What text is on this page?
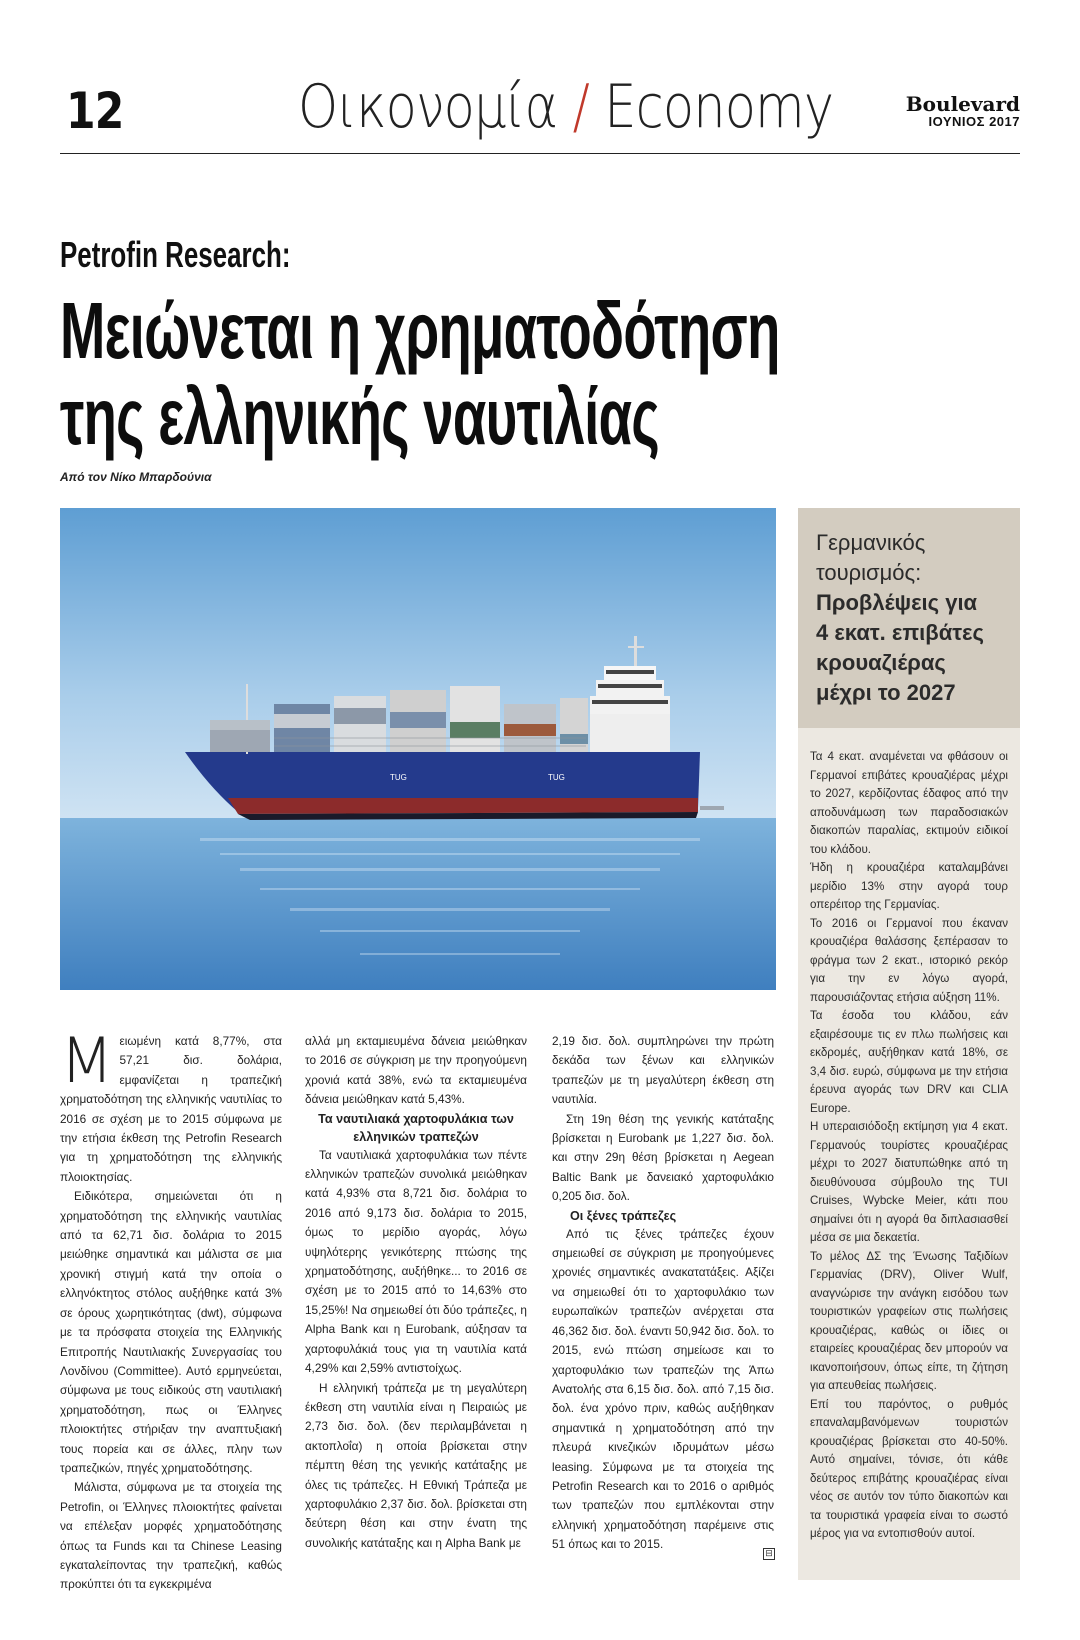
12	Οικονομία / Economy	Boulevard
ΙΟΥΝΙΟΣ 2017
Petrofin Research:
Μειώνεται η χρηματοδότηση
της ελληνικής ναυτιλίας
Από τον Νίκο Μπαρδούνια
TUG	TUG
Γερμανικός
τουρισμός:
Προβλέψεις για
4 εκατ. επιβάτες
κρουαζιέρας
μέχρι το 2027

Τα 4 εκατ. αναμένεται να φθάσουν οι Γερμανοί επιβάτες κρουαζιέρας μέχρι το 2027, κερδίζοντας έδαφος από την αποδυνάμωση των παραδοσιακών διακοπών παραλίας, εκτιμούν ειδικοί του κλάδου.

Ήδη η κρουαζιέρα καταλαμβάνει μερίδιο 13% στην αγορά τουρ οπερέιτορ της Γερμανίας.

Το 2016 οι Γερμανοί που έκαναν κρουαζιέρα θαλάσσης ξεπέρασαν το φράγμα των 2 εκατ., ιστορικό ρεκόρ για την εν λόγω αγορά, παρουσιάζοντας ετήσια αύξηση 11%.

Τα έσοδα του κλάδου, εάν εξαιρέσουμε τις εν πλω πωλήσεις και εκδρομές, αυξήθηκαν κατά 18%, σε 3,4 δισ. ευρώ, σύμφωνα με την ετήσια έρευνα αγοράς των DRV και CLIA Europe.

Η υπεραισιόδοξη εκτίμηση για 4 εκατ. Γερμανούς τουρίστες κρουαζιέρας μέχρι το 2027 διατυπώθηκε από τη διευθύνουσα σύμβουλο της TUI Cruises, Wybcke Meier, κάτι που σημαίνει ότι η αγορά θα διπλασιασθεί μέσα σε μια δεκαετία.

Το μέλος ΔΣ της Ένωσης Ταξιδίων Γερμανίας (DRV), Oliver Wulf, αναγνώρισε την ανάγκη εισόδου των τουριστικών γραφείων στις πωλήσεις κρουαζιέρας, καθώς οι ίδιες οι εταιρείες κρουαζιέρας δεν μπορούν να ικανοποιήσουν, όπως είπε, τη ζήτηση για απευθείας πωλήσεις.

Επί του παρόντος, ο ρυθμός επαναλαμβανόμενων τουριστών κρουαζιέρας βρίσκεται στο 40-50%. Αυτό σημαίνει, τόνισε, ότι κάθε δεύτερος επιβάτης κρουαζιέρας είναι νέος σε αυτόν τον τύπο διακοπών και τα τουριστικά γραφεία είναι το σωστό μέρος για να εντοπισθούν αυτοί.

Μ ειωμένη κατά 8,77%, στα 57,21 δισ. δολάρια, εμφανίζεται η τραπεζική χρηματοδότηση της ελληνικής ναυτιλίας το 2016 σε σχέση με το 2015 σύμφωνα με την ετήσια έκθεση της Petrofin Research για τη χρηματοδότηση της ελληνικής πλοιοκτησίας.

Ειδικότερα, σημειώνεται ότι η χρηματοδότηση της ελληνικής ναυτιλίας από τα 62,71 δισ. δολάρια το 2015 μειώθηκε σημαντικά και μάλιστα σε μια χρονική στιγμή κατά την οποία ο ελληνόκτητος στόλος αυξήθηκε κατά 3% σε όρους χωρητικότητας (dwt), σύμφωνα με τα πρόσφατα στοιχεία της Ελληνικής Επιτροπής Ναυτιλιακής Συνεργασίας του Λονδίνου (Committee). Αυτό ερμηνεύεται, σύμφωνα με τους ειδικούς στη ναυτιλιακή χρηματοδότηση, πως οι Έλληνες πλοιοκτήτες στήριξαν την αναπτυξιακή τους πορεία και σε άλλες, πλην των τραπεζικών, πηγές χρηματοδότησης.

Μάλιστα, σύμφωνα με τα στοιχεία της Petrofin, οι Έλληνες πλοιοκτήτες φαίνεται να επέλεξαν μορφές χρηματοδότησης όπως τα Funds και τα Chinese Leasing εγκαταλείποντας την τραπεζική, καθώς προκύπτει ότι τα εγκεκριμένα

αλλά μη εκταμιευμένα δάνεια μειώθηκαν το 2016 σε σύγκριση με την προηγούμενη χρονιά κατά 38%, ενώ τα εκταμιευμένα δάνεια μειώθηκαν κατά 5,43%.

Τα ναυτιλιακά χαρτοφυλάκια των ελληνικών τραπεζών

Τα ναυτιλιακά χαρτοφυλάκια των πέντε ελληνικών τραπεζών συνολικά μειώθηκαν κατά 4,93% στα 8,721 δισ. δολάρια το 2016 από 9,173 δισ. δολάρια το 2015, όμως το μερίδιο αγοράς, λόγω υψηλότερης γενικότερης πτώσης της χρηματοδότησης, αυξήθηκε... το 2016 σε σχέση με το 2015 από το 14,63% στο 15,25%! Να σημειωθεί ότι δύο τράπεζες, η Alpha Bank και η Eurobank, αύξησαν τα χαρτοφυλάκιά τους για τη ναυτιλία κατά 4,29% και 2,59% αντιστοίχως.

Η ελληνική τράπεζα με τη μεγαλύτερη έκθεση στη ναυτιλία είναι η Πειραιώς με 2,73 δισ. δολ. (δεν περιλαμβάνεται η ακτοπλοΐα) η οποία βρίσκεται στην πέμπτη θέση της γενικής κατάταξης με όλες τις τράπεζες. Η Εθνική Τράπεζα με χαρτοφυλάκιο 2,37 δισ. δολ. βρίσκεται στη δεύτερη θέση και στην ένατη της συνολικής κατάταξης και η Alpha Bank με

2,19 δισ. δολ. συμπληρώνει την πρώτη δεκάδα των ξένων και ελληνικών τραπεζών με τη μεγαλύτερη έκθεση στη ναυτιλία.

Στη 19η θέση της γενικής κατάταξης βρίσκεται η Eurobank με 1,227 δισ. δολ. και στην 29η θέση βρίσκεται η Aegean Baltic Bank με δανειακό χαρτοφυλάκιο 0,205 δισ. δολ.

Οι ξένες τράπεζες

Από τις ξένες τράπεζες έχουν σημειωθεί σε σύγκριση με προηγούμενες χρονιές σημαντικές ανακατατάξεις. Αξίζει να σημειωθεί ότι το χαρτοφυλάκιο των ευρωπαϊκών τραπεζών ανέρχεται στα 46,362 δισ. δολ. έναντι 50,942 δισ. δολ. το 2015, ενώ πτώση σημείωσε και το χαρτοφυλάκιο των τραπεζών της Άπω Ανατολής στα 6,15 δισ. δολ. από 7,15 δισ. δολ. ένα χρόνο πριν, καθώς αυξήθηκαν σημαντικά η χρηματοδότηση από την πλευρά κινεζικών ιδρυμάτων μέσω leasing. Σύμφωνα με τα στοιχεία της Petrofin Research και το 2016 ο αριθμός των τραπεζών που εμπλέκονται στην ελληνική χρηματοδότηση παρέμεινε στις 51 όπως και το 2015.

⊟
